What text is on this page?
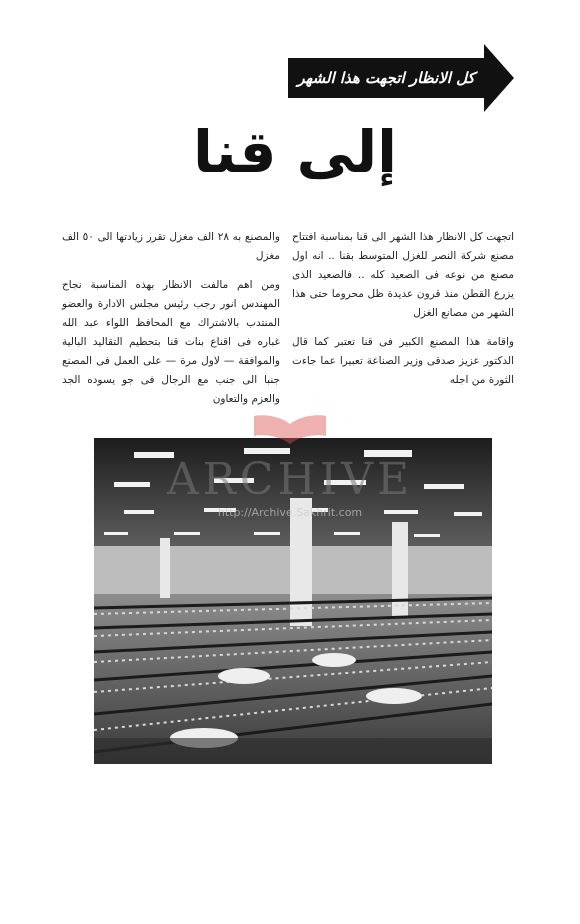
كل الانظار اتجهت هذا الشهر
إلى قنا

اتجهت كل الانظار هذا الشهر الى قنا بمناسبة افتتاح مصنع شركة النصر للغزل المتوسط بقنا .. انه اول مصنع من نوعه فى الصعيد كله .. فالصعيد الذى يزرع القطن منذ قرون عديدة ظل محروما حتى هذا الشهر من مصانع الغزل

واقامة هذا المصنع الكبير فى قنا تعتبر كما قال الدكتور عزيز صدقى وزير الصناعة تعبيرا عما جاءت الثورة من اجله

والمصنع به ٢٨ الف مغزل تقرر زيادتها الى ٥٠ الف مغزل

ومن اهم مالفت الانظار بهذه المناسبة نجاح المهندس انور رجب رئيس مجلس الادارة والعضو المنتدب بالاشتراك مع المحافظ اللواء عبد الله غباره فى اقناع بنات قنا بتحطيم التقاليد البالية والموافقة — لاول مرة — على العمل فى المصنع جنبا الى جنب مع الرجال فى جو يسوده الجد والعزم والتعاون

ARCHIVE
http://Archive.Sakhrit.com
